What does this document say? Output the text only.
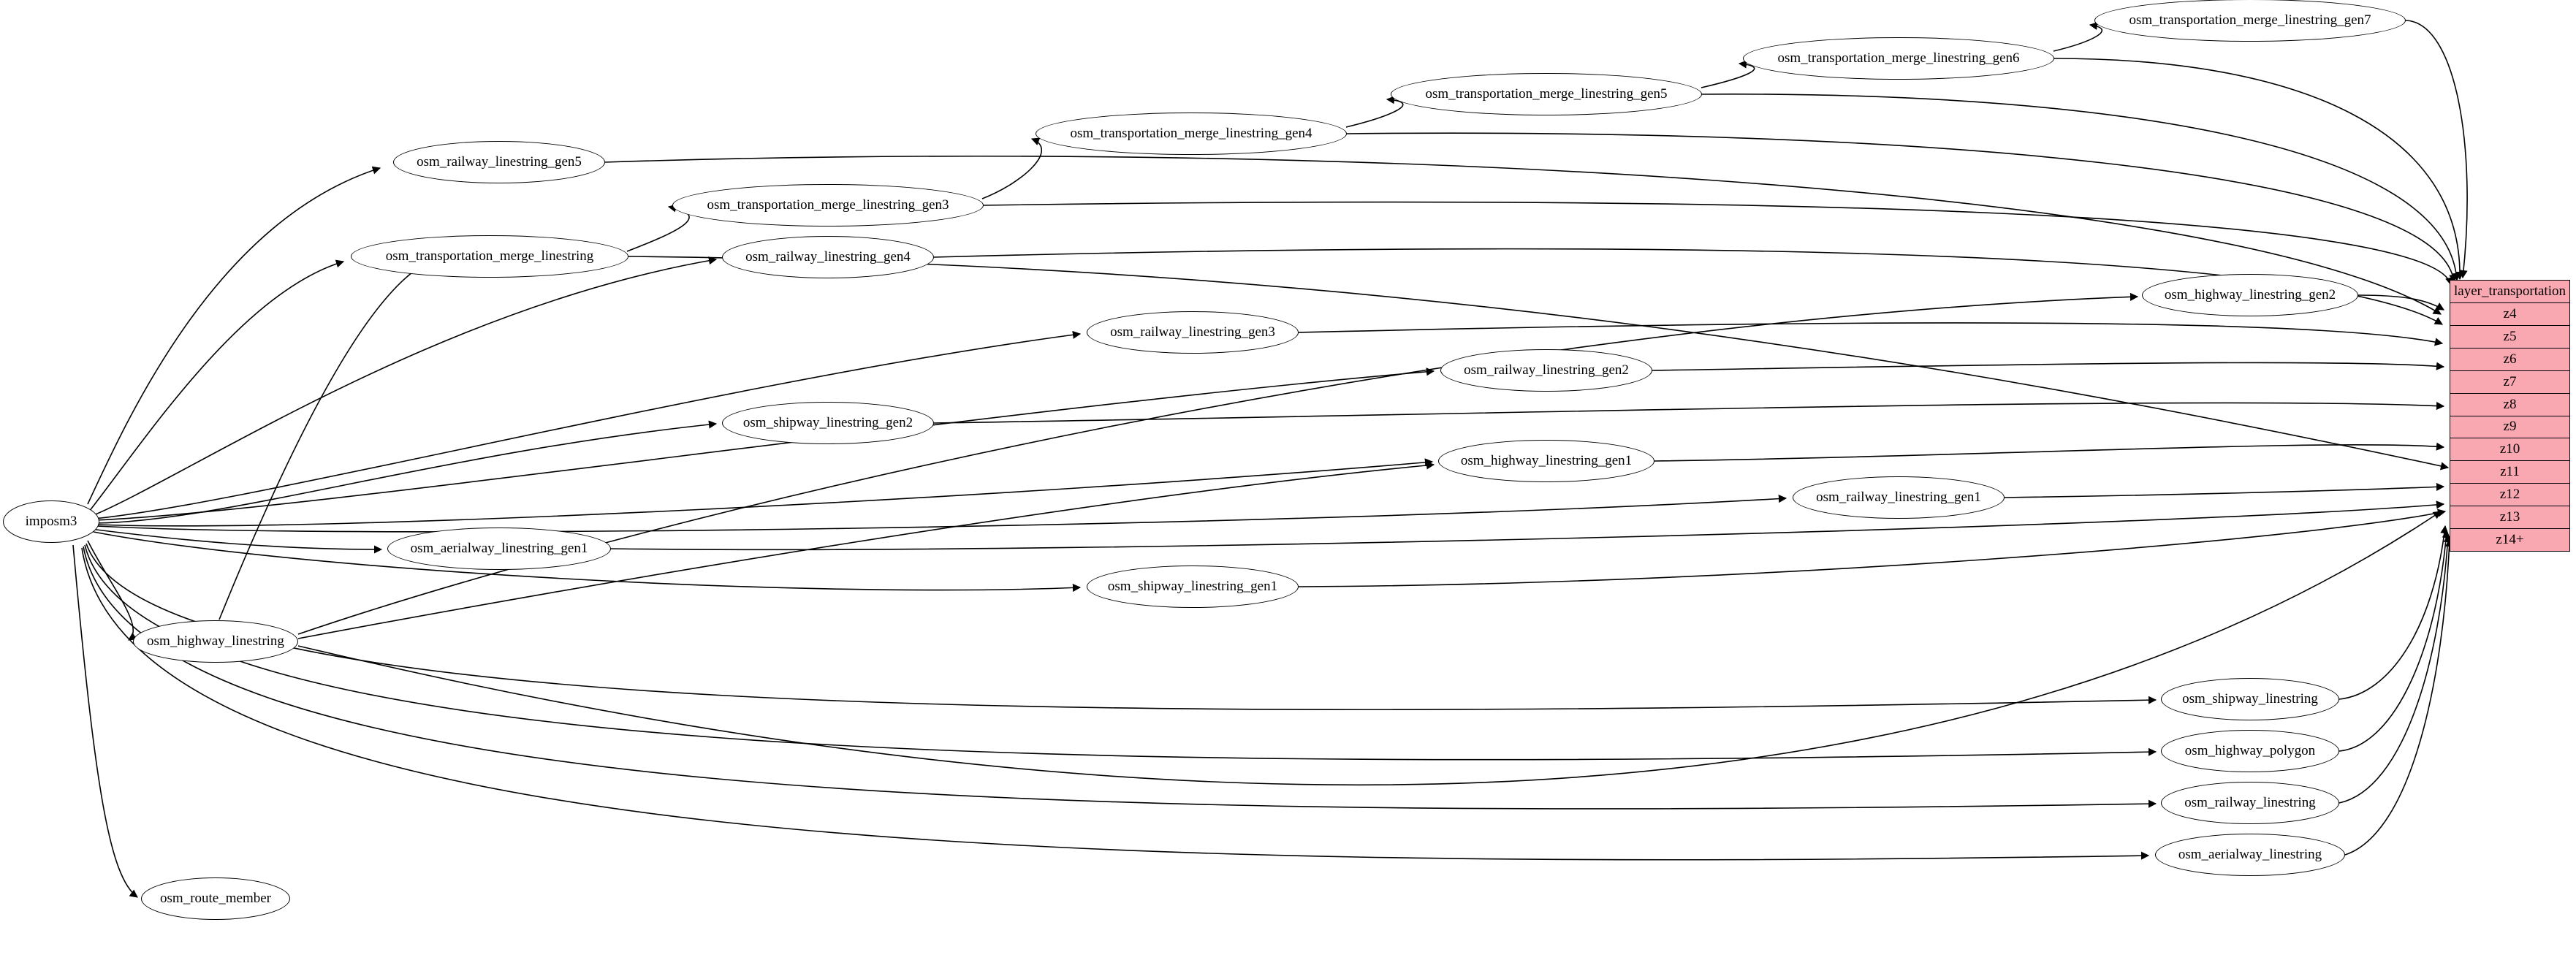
imposm3
osm_railway_linestring_gen5
osm_transportation_merge_linestring
osm_transportation_merge_linestring_gen3
osm_railway_linestring_gen4
osm_transportation_merge_linestring_gen4
osm_transportation_merge_linestring_gen5
osm_transportation_merge_linestring_gen6
osm_transportation_merge_linestring_gen7
osm_highway_linestring_gen2
osm_railway_linestring_gen3
osm_railway_linestring_gen2
osm_shipway_linestring_gen2
osm_highway_linestring_gen1
osm_railway_linestring_gen1
osm_aerialway_linestring_gen1
osm_shipway_linestring_gen1
osm_highway_linestring
osm_shipway_linestring
osm_highway_polygon
osm_railway_linestring
osm_aerialway_linestring
osm_route_member
layer_transportation
z4
z5
z6
z7
z8
z9
z10
z11
z12
z13
z14+
